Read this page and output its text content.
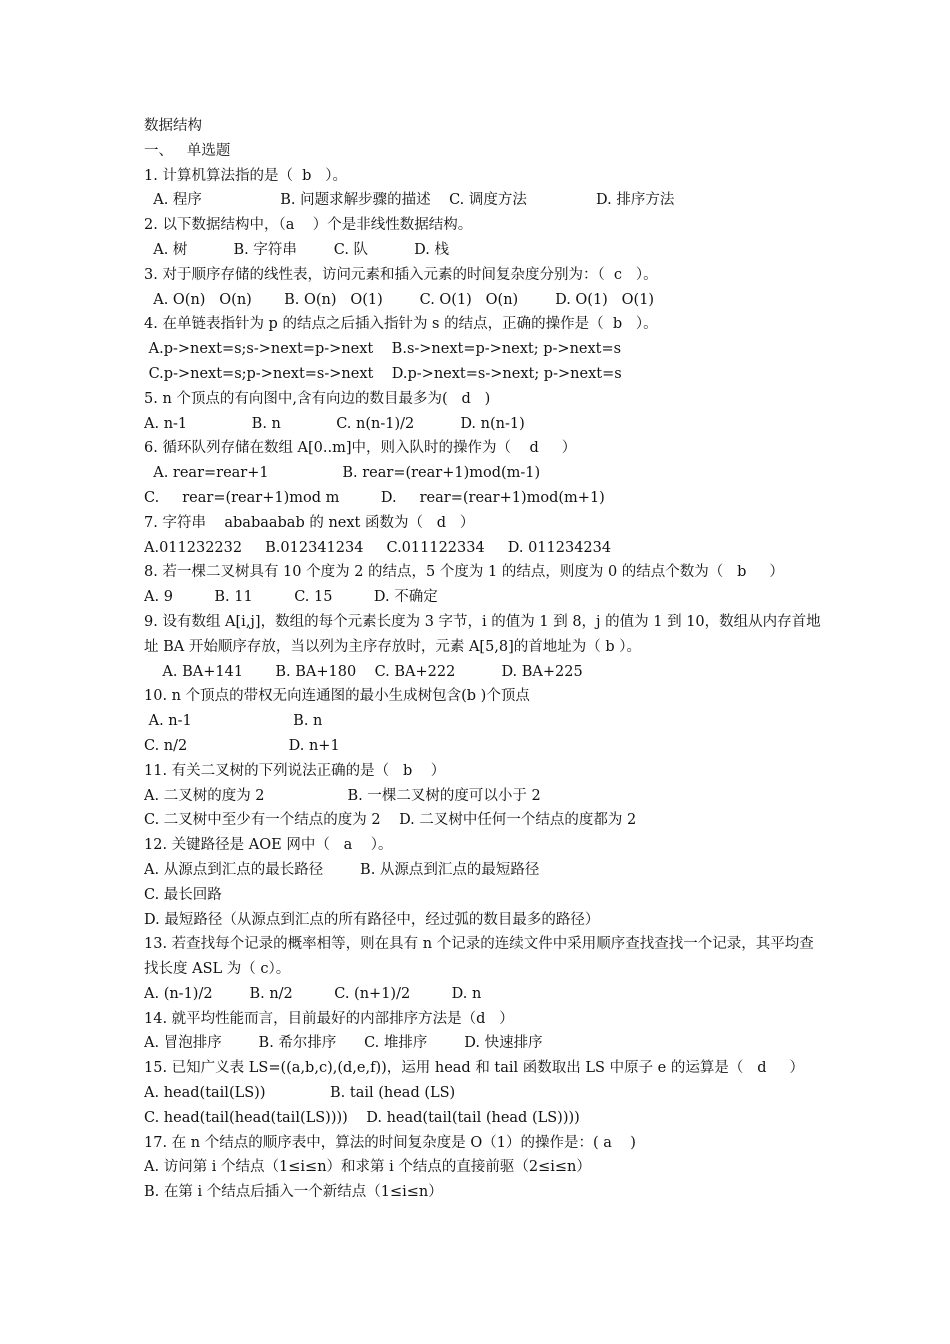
数据结构
一、   单选题
1. 计算机算法指的是（  b   ）。
A. 程序                 B. 问题求解步骤的描述    C. 调度方法               D. 排序方法
2. 以下数据结构中，（a    ）个是非线性数据结构。
A. 树          B. 字符串        C. 队          D. 栈
3. 对于顺序存储的线性表，访问元素和插入元素的时间复杂度分别为：（  c   ）。
A. O(n)   O(n)       B. O(n)   O(1)        C. O(1)   O(n)        D. O(1)   O(1)
4. 在单链表指针为 p 的结点之后插入指针为 s 的结点，正确的操作是（  b   ）。
A.p->next=s;s->next=p->next    B.s->next=p->next; p->next=s
C.p->next=s;p->next=s->next    D.p->next=s->next; p->next=s
5. n 个顶点的有向图中,含有向边的数目最多为(   d   )
A. n-1              B. n            C. n(n-1)/2          D. n(n-1)
6. 循环队列存储在数组 A[0..m]中，则入队时的操作为（    d     ）
A. rear=rear+1                B. rear=(rear+1)mod(m-1)
C.     rear=(rear+1)mod m         D.     rear=(rear+1)mod(m+1)
7. 字符串    ababaabab 的 next 函数为（   d   ）
A.011232232     B.012341234     C.011122334     D. 011234234
8. 若一棵二叉树具有 10 个度为 2 的结点，5 个度为 1 的结点，则度为 0 的结点个数为（   b     ）
A. 9         B. 11         C. 15         D. 不确定
9. 设有数组 A[i,j]，数组的每个元素长度为 3 字节，i 的值为 1 到 8，j 的值为 1 到 10，数组从内存首地址 BA 开始顺序存放，当以列为主序存放时，元素 A[5,8]的首地址为（ b ）。
A. BA+141       B. BA+180    C. BA+222          D. BA+225
10. n 个顶点的带权无向连通图的最小生成树包含(b )个顶点
A. n-1                      B. n
C. n/2                      D. n+1
11. 有关二叉树的下列说法正确的是（   b    ）
A. 二叉树的度为 2                  B. 一棵二叉树的度可以小于 2
C. 二叉树中至少有一个结点的度为 2    D. 二叉树中任何一个结点的度都为 2
12. 关键路径是 AOE 网中（   a    ）。
A. 从源点到汇点的最长路径        B. 从源点到汇点的最短路径
C. 最长回路
D. 最短路径（从源点到汇点的所有路径中，经过弧的数目最多的路径）
13. 若查找每个记录的概率相等，则在具有 n 个记录的连续文件中采用顺序查找查找一个记录，其平均查找长度 ASL 为（ c）。
A. (n-1)/2        B. n/2         C. (n+1)/2         D. n
14. 就平均性能而言，目前最好的内部排序方法是（d   ）
A. 冒泡排序        B. 希尔排序      C. 堆排序        D. 快速排序
15. 已知广义表 LS=((a,b,c),(d,e,f))，运用 head 和 tail 函数取出 LS 中原子 e 的运算是（   d     ）
A. head(tail(LS))              B. tail (head (LS)
C. head(tail(head(tail(LS))))    D. head(tail(tail (head (LS))))
17. 在 n 个结点的顺序表中，算法的时间复杂度是 O（1）的操作是：( a    )
A. 访问第 i 个结点（1≤i≤n）和求第 i 个结点的直接前驱（2≤i≤n）
B. 在第 i 个结点后插入一个新结点（1≤i≤n）
